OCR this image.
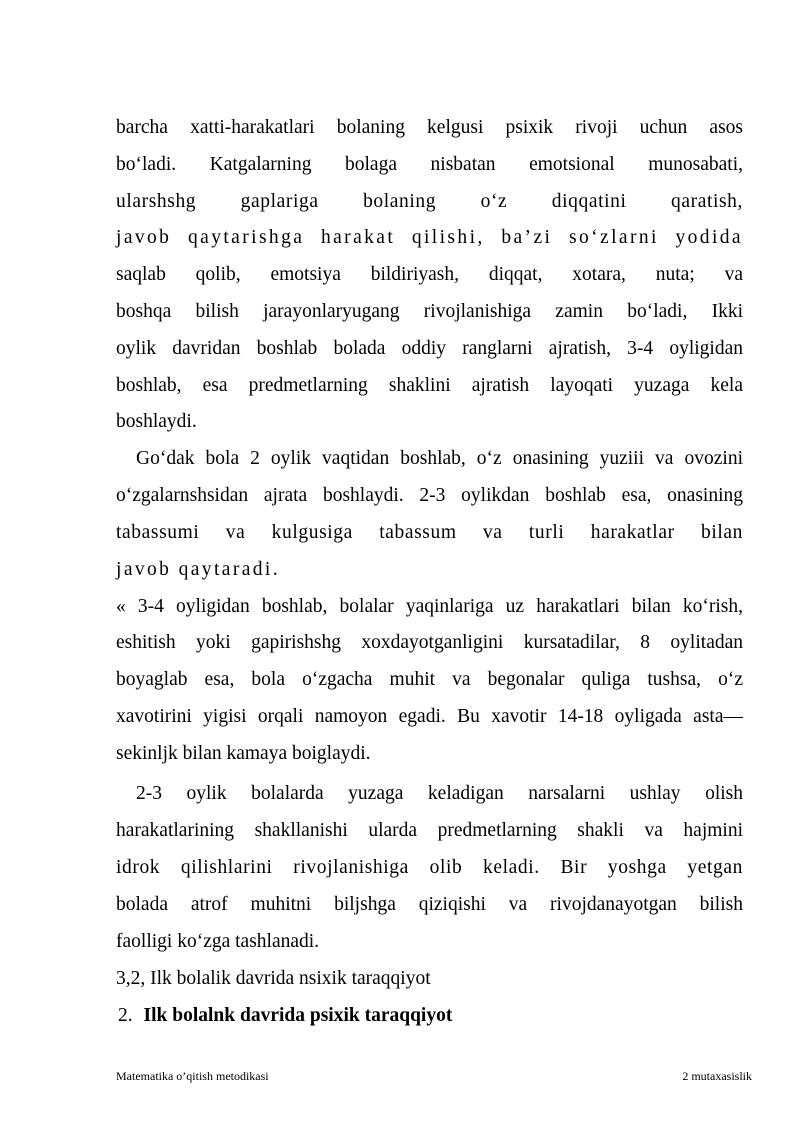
barcha xatti-harakatlari bolaning kelgusi psixik rivoji uchun asos
bo‘ladi. Katgalarning bolaga nisbatan emotsional munosabati,
ularshshg gaplariga bolaning o‘z diqqatini qaratish,
javob qaytarishga harakat qilishi, ba’zi so‘zlarni yodida
saqlab qolib, emotsiya bildiriyash, diqqat, xotara, nuta; va
boshqa bilish jarayonlaryugang rivojlanishiga zamin bo‘ladi, Ikki
oylik davridan boshlab bolada oddiy ranglarni ajratish, 3-4 oyligidan
boshlab, esa predmetlarning shaklini ajratish layoqati yuzaga kela
boshlaydi.
Go‘dak bola 2 oylik vaqtidan boshlab, o‘z onasining yuziii va ovozini
o‘zgalarnshsidan ajrata boshlaydi. 2-3 oylikdan boshlab esa, onasining
tabassumi va kulgusiga tabassum va turli harakatlar bilan
javob qaytaradi.
« 3-4 oyligidan boshlab, bolalar yaqinlariga uz harakatlari bilan ko‘rish,
eshitish yoki gapirishshg xoxdayotganligini kursatadilar, 8 oylitadan
boyaglab esa, bola o‘zgacha muhit va begonalar quliga tushsa, o‘z
xavotirini yigisi orqali namoyon egadi. Bu xavotir 14-18 oyligada asta—
sekinljk bilan kamaya boiglaydi.
2-3 oylik bolalarda yuzaga keladigan narsalarni ushlay olish
harakatlarining shakllanishi ularda predmetlarning shakli va hajmini
idrok qilishlarini rivojlanishiga olib keladi. Bir yoshga yetgan
bolada atrof muhitni biljshga qiziqishi va rivojdanayotgan bilish
faolligi ko‘zga tashlanadi.
3,2, Ilk bolalik davrida nsixik taraqqiyot
2. Ilk bolalnk davrida psixik taraqqiyot
Matematika o’qitish metodikasi	2 mutaxasislik
